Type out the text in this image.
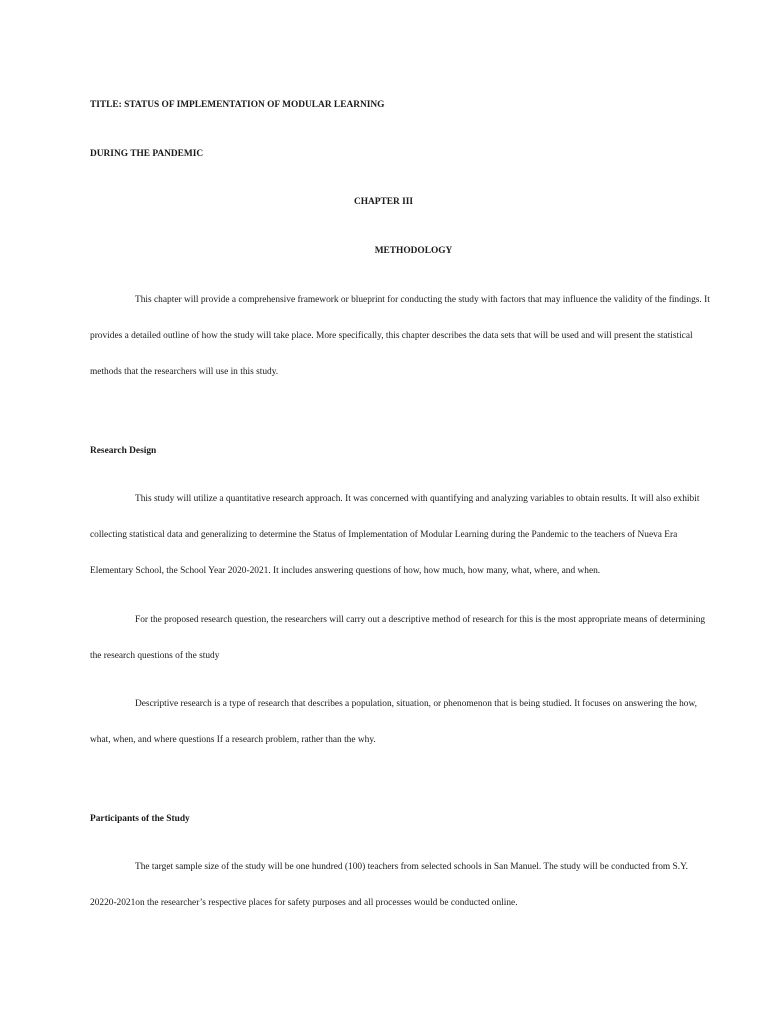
TITLE: STATUS OF IMPLEMENTATION OF MODULAR LEARNING
DURING THE PANDEMIC
CHAPTER III
METHODOLOGY
This chapter will provide a comprehensive framework or blueprint for conducting the study with factors that may influence the validity of the findings. It
provides a detailed outline of how the study will take place. More specifically, this chapter describes the data sets that will be used and will present the statistical
methods that the researchers will use in this study.
Research Design
This study will utilize a quantitative research approach. It was concerned with quantifying and analyzing variables to obtain results. It will also exhibit
collecting statistical data and generalizing to determine the Status of Implementation of Modular Learning during the Pandemic to the teachers of Nueva Era
Elementary School, the School Year 2020-2021. It includes answering questions of how, how much, how many, what, where, and when.
For the proposed research question, the researchers will carry out a descriptive method of research for this is the most appropriate means of determining
the research questions of the study
Descriptive research is a type of research that describes a population, situation, or phenomenon that is being studied. It focuses on answering the how,
what, when, and where questions If a research problem, rather than the why.
Participants of the Study
The target sample size of the study will be one hundred (100) teachers from selected schools in San Manuel. The study will be conducted from S.Y.
20220-2021on the researcher’s respective places for safety purposes and all processes would be conducted online.
